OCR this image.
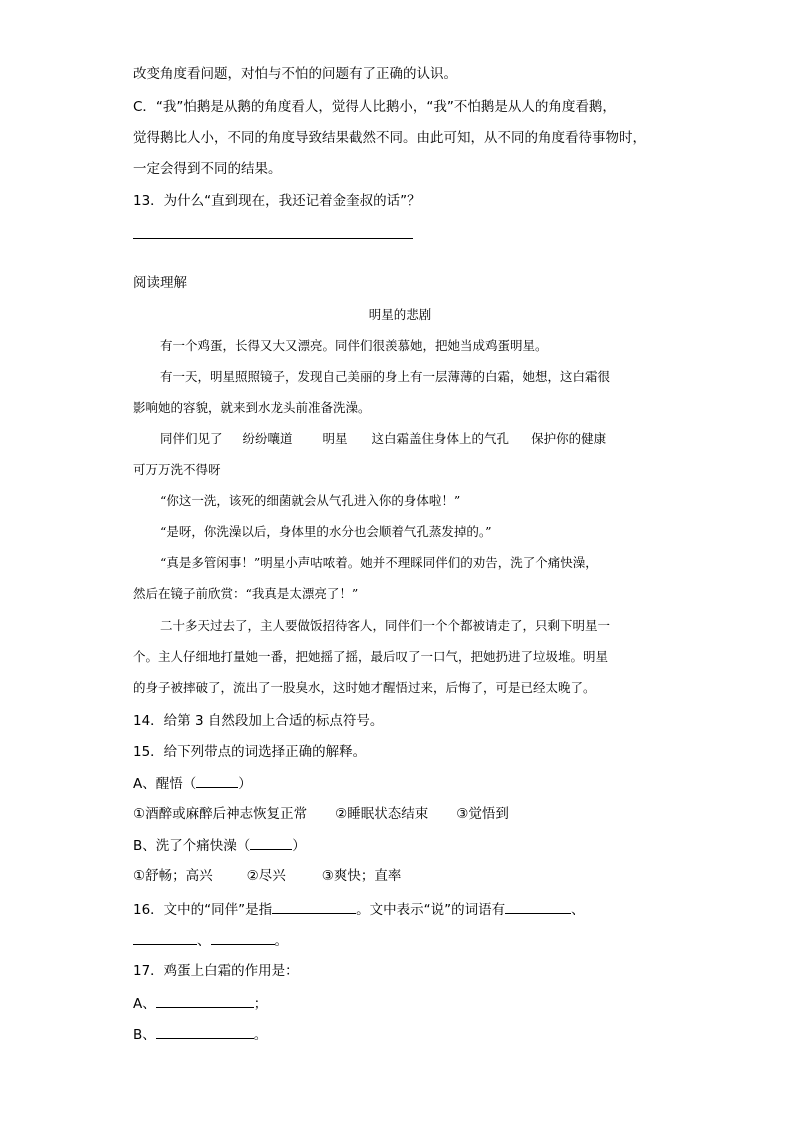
改变角度看问题，对怕与不怕的问题有了正确的认识。
C．“我”怕鹅是从鹅的角度看人，觉得人比鹅小，“我”不怕鹅是从人的角度看鹅，
觉得鹅比人小，不同的角度导致结果截然不同。由此可知，从不同的角度看待事物时，
一定会得到不同的结果。
13．为什么“直到现在，我还记着金奎叔的话”？
阅读理解
明星的悲剧
有一个鸡蛋，长得又大又漂亮。同伴们很羡慕她，把她当成鸡蛋明星。
有一天，明星照照镜子，发现自己美丽的身上有一层薄薄的白霜，她想，这白霜很
影响她的容貌，就来到水龙头前准备洗澡。
同伴们见了 纷纷嚷道 明星 这白霜盖住身体上的气孔 保护你的健康
可万万洗不得呀
“你这一洗，该死的细菌就会从气孔进入你的身体啦！”
“是呀，你洗澡以后，身体里的水分也会顺着气孔蒸发掉的。”
“真是多管闲事！”明星小声咕哝着。她并不理睬同伴们的劝告，洗了个痛快澡，
然后在镜子前欣赏：“我真是太漂亮了！”
二十多天过去了，主人要做饭招待客人，同伴们一个个都被请走了，只剩下明星一
个。主人仔细地打量她一番，把她摇了摇，最后叹了一口气，把她扔进了垃圾堆。明星
的身子被摔破了，流出了一股臭水，这时她才醒悟过来，后悔了，可是已经太晚了。
14．给第 3 自然段加上合适的标点符号。
15．给下列带点的词选择正确的解释。
A、醒悟（	）
①酒醉或麻醉后神志恢复正常 ②睡眠状态结束 ③觉悟到
B、洗了个痛快澡（	）
①舒畅；高兴	②尽兴	③爽快；直率
16．文中的“同伴”是指	。文中表示“说”的词语有	、
、	。
17．鸡蛋上白霜的作用是：
A、	；
B、	。
